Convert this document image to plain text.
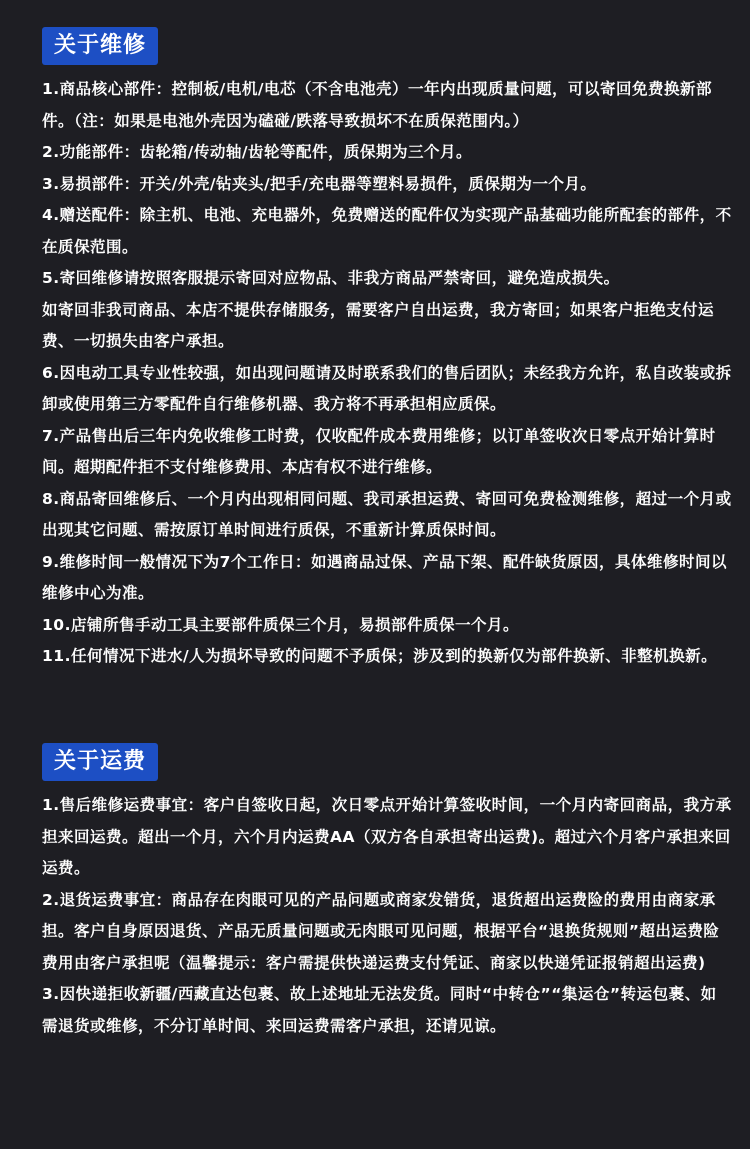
关于维修

1.商品核心部件：控制板/电机/电芯（不含电池壳）一年内出现质量问题，可以寄回免费换新部件。（注：如果是电池外壳因为磕碰/跌落导致损坏不在质保范围内。）

2.功能部件：齿轮箱/传动轴/齿轮等配件，质保期为三个月。

3.易损部件：开关/外壳/钻夹头/把手/充电器等塑料易损件，质保期为一个月。

4.赠送配件：除主机、电池、充电器外，免费赠送的配件仅为实现产品基础功能所配套的部件，不在质保范围。

5.寄回维修请按照客服提示寄回对应物品、非我方商品严禁寄回，避免造成损失。

如寄回非我司商品、本店不提供存储服务，需要客户自出运费，我方寄回；如果客户拒绝支付运费、一切损失由客户承担。

6.因电动工具专业性较强，如出现问题请及时联系我们的售后团队；未经我方允许，私自改装或拆卸或使用第三方零配件自行维修机器、我方将不再承担相应质保。

7.产品售出后三年内免收维修工时费，仅收配件成本费用维修；以订单签收次日零点开始计算时间。超期配件拒不支付维修费用、本店有权不进行维修。

8.商品寄回维修后、一个月内出现相同问题、我司承担运费、寄回可免费检测维修，超过一个月或出现其它问题、需按原订单时间进行质保，不重新计算质保时间。

9.维修时间一般情况下为7个工作日：如遇商品过保、产品下架、配件缺货原因，具体维修时间以维修中心为准。

10.店铺所售手动工具主要部件质保三个月，易损部件质保一个月。

11.任何情况下进水/人为损坏导致的问题不予质保；涉及到的换新仅为部件换新、非整机换新。

关于运费

1.售后维修运费事宜：客户自签收日起，次日零点开始计算签收时间，一个月内寄回商品，我方承担来回运费。超出一个月，六个月内运费AA（双方各自承担寄出运费)。超过六个月客户承担来回运费。

2.退货运费事宜：商品存在肉眼可见的产品问题或商家发错货，退货超出运费险的费用由商家承担。客户自身原因退货、产品无质量问题或无肉眼可见问题，根据平台“退换货规则”超出运费险费用由客户承担呢（温馨提示：客户需提供快递运费支付凭证、商家以快递凭证报销超出运费)

3.因快递拒收新疆/西藏直达包裹、故上述地址无法发货。同时“中转仓”“集运仓”转运包裹、如需退货或维修，不分订单时间、来回运费需客户承担，还请见谅。
